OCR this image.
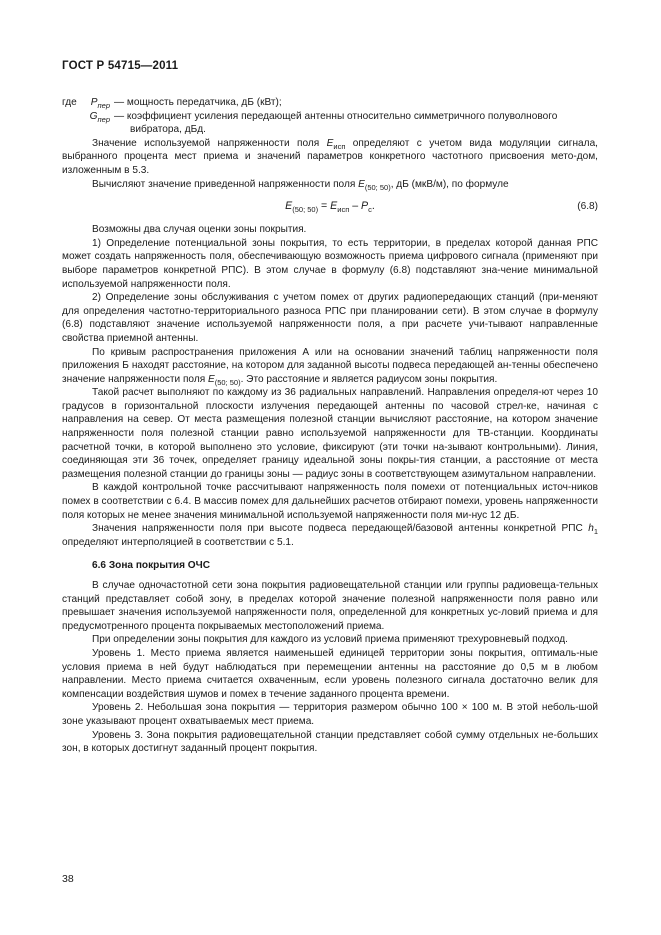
ГОСТ Р 54715—2011
где $P_{пер}$ — мощность передатчика, дБ (кВт);
$G_{пер}$ — коэффициент усиления передающей антенны относительно симметричного полуволнового
вибратора, дБд.

Значение используемой напряженности поля $E_{исп}$ определяют с учетом вида модуляции сигнала, выбранного процента мест приема и значений параметров конкретного частотного присвоения мето-дом, изложенным в 5.3.

Вычисляют значение приведенной напряженности поля $E_{(50; 50)}$, дБ (мкВ/м), по формуле

$E_{(50; 50)} = E_{исп} - P_c$.	(6.8)

Возможны два случая оценки зоны покрытия.

1) Определение потенциальной зоны покрытия, то есть территории, в пределах которой данная РПС может создать напряженность поля, обеспечивающую возможность приема цифрового сигнала (применяют при выборе параметров конкретной РПС). В этом случае в формулу (6.8) подставляют зна-чение минимальной используемой напряженности поля.

2) Определение зоны обслуживания с учетом помех от других радиопередающих станций (при-меняют для определения частотно-территориального разноса РПС при планировании сети). В этом случае в формулу (6.8) подставляют значение используемой напряженности поля, а при расчете учи-тывают направленные свойства приемной антенны.

По кривым распространения приложения А или на основании значений таблиц напряженности поля приложения Б находят расстояние, на котором для заданной высоты подвеса передающей ан-тенны обеспечено значение напряженности поля $E_{(50; 50)}$. Это расстояние и является радиусом зоны покрытия.

Такой расчет выполняют по каждому из 36 радиальных направлений. Направления определя-ют через 10 градусов в горизонтальной плоскости излучения передающей антенны по часовой стрел-ке, начиная с направления на север. От места размещения полезной станции вычисляют расстояние, на котором значение напряженности поля полезной станции равно используемой напряженности для ТВ-станции. Координаты расчетной точки, в которой выполнено это условие, фиксируют (эти точки на-зывают контрольными). Линия, соединяющая эти 36 точек, определяет границу идеальной зоны покры-тия станции, а расстояние от места размещения полезной станции до границы зоны — радиус зоны в соответствующем азимутальном направлении.

В каждой контрольной точке рассчитывают напряженность поля помехи от потенциальных источ-ников помех в соответствии с 6.4. В массив помех для дальнейших расчетов отбирают помехи, уровень напряженности поля которых не менее значения минимальной используемой напряженности поля ми-нус 12 дБ.

Значения напряженности поля при высоте подвеса передающей/базовой антенны конкретной РПС $h_1$ определяют интерполяцией в соответствии с 5.1.

6.6 Зона покрытия ОЧС

В случае одночастотной сети зона покрытия радиовещательной станции или группы радиовеща-тельных станций представляет собой зону, в пределах которой значение полезной напряженности поля равно или превышает значения используемой напряженности поля, определенной для конкретных ус-ловий приема и для предусмотренного процента покрываемых местоположений приема.

При определении зоны покрытия для каждого из условий приема применяют трехуровневый подход.

Уровень 1. Место приема является наименьшей единицей территории зоны покрытия, оптималь-ные условия приема в ней будут наблюдаться при перемещении антенны на расстояние до 0,5 м в любом направлении. Место приема считается охваченным, если уровень полезного сигнала достаточно велик для компенсации воздействия шумов и помех в течение заданного процента времени.

Уровень 2. Небольшая зона покрытия — территория размером обычно 100 × 100 м. В этой неболь-шой зоне указывают процент охватываемых мест приема.

Уровень 3. Зона покрытия радиовещательной станции представляет собой сумму отдельных не-больших зон, в которых достигнут заданный процент покрытия.

38
